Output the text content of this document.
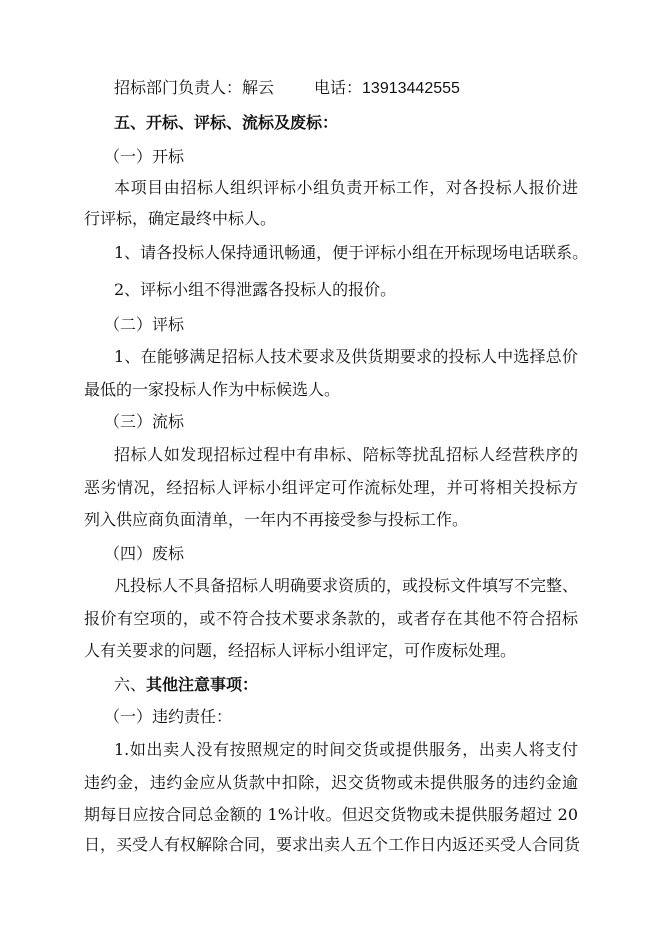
招标部门负责人：解云	电话：13913442555
五、开标、评标、流标及废标：
（一）开标
本项目由招标人组织评标小组负责开标工作，对各投标人报价进
行评标，确定最终中标人。
1、请各投标人保持通讯畅通，便于评标小组在开标现场电话联系。
2、评标小组不得泄露各投标人的报价。
（二）评标
1、在能够满足招标人技术要求及供货期要求的投标人中选择总价
最低的一家投标人作为中标候选人。
（三）流标
招标人如发现招标过程中有串标、陪标等扰乱招标人经营秩序的
恶劣情况，经招标人评标小组评定可作流标处理，并可将相关投标方
列入供应商负面清单，一年内不再接受参与投标工作。
（四）废标
凡投标人不具备招标人明确要求资质的，或投标文件填写不完整、
报价有空项的，或不符合技术要求条款的，或者存在其他不符合招标
人有关要求的问题，经招标人评标小组评定，可作废标处理。
六、其他注意事项：
（一）违约责任：
1.如出卖人没有按照规定的时间交货或提供服务，出卖人将支付
违约金，违约金应从货款中扣除，迟交货物或未提供服务的违约金逾
期每日应按合同总金额的 1%计收。但迟交货物或未提供服务超过 20
日，买受人有权解除合同，要求出卖人五个工作日内返还买受人合同货
